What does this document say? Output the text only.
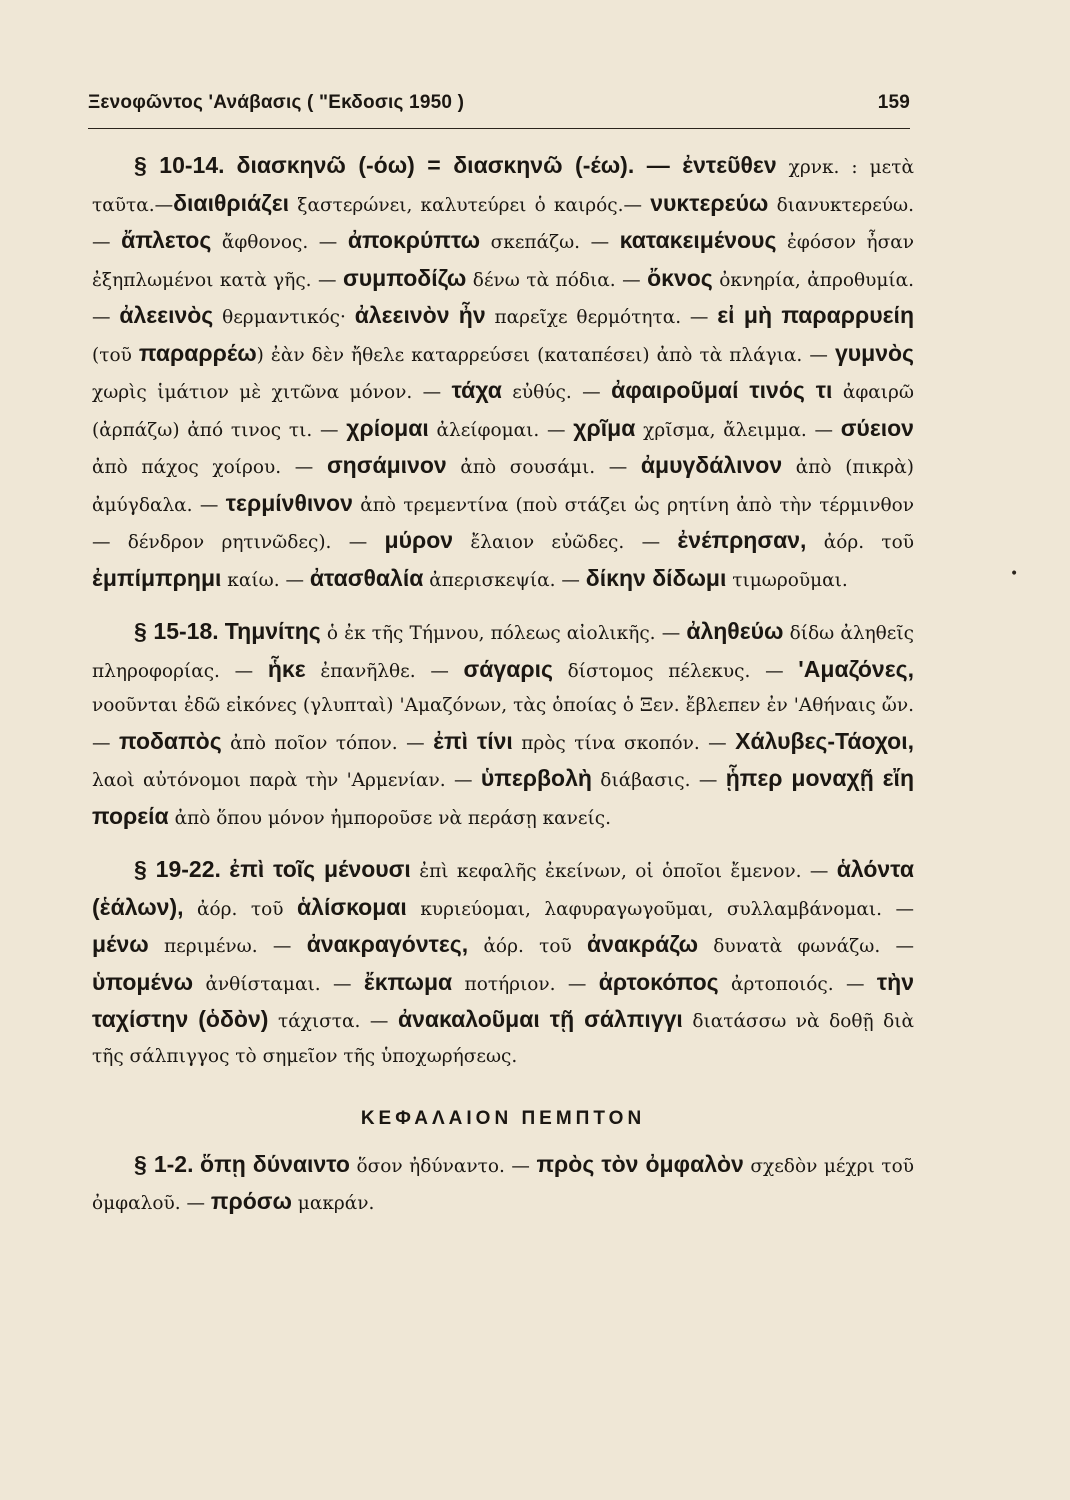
Ξενοφῶντος 'Ανάβασις ( "Εκδοσις 1950 )	159

§ 10-14. διασκηνῶ (-όω) = διασκηνῶ (-έω). — ἐντεῦθεν χρνκ. : μετὰ ταῦτα.—διαιθριάζει ξαστερώνει, καλυτεύρει ὁ καιρός.— νυκτερεύω διανυκτερεύω. — ἄπλετος ἄφθονος. — ἀποκρύπτω σκεπάζω. — κατακειμένους ἐφόσον ἦσαν ἐξηπλωμένοι κατὰ γῆς. — συμποδίζω δένω τὰ πόδια. — ὄκνος ὀκνηρία, ἀπροθυμία. — ἀλεεινὸς θερμαντικός· ἀλεεινὸν ἦν παρεῖχε θερμότητα. — εἰ μὴ παραρρυείη (τοῦ παραρρέω) ἐὰν δὲν ἤθελε καταρρεύσει (καταπέσει) ἀπὸ τὰ πλάγια. — γυμνὸς χωρὶς ἱμάτιον μὲ χιτῶνα μόνον. — τάχα εὐθύς. — ἀφαιροῦμαί τινός τι ἀφαιρῶ (ἀρπάζω) ἀπό τινος τι. — χρίομαι ἀλείφομαι. — χρῖμα χρῖσμα, ἄλειμμα. — σύειον ἀπὸ πάχος χοίρου. — σησάμινον ἀπὸ σουσάμι. — ἀμυγδάλινον ἀπὸ (πικρὰ) ἀμύγδαλα. — τερμίνθινον ἀπὸ τρεμεντίνα (ποὺ στάζει ὡς ρητίνη ἀπὸ τὴν τέρμινθον — δένδρον ρητινῶδες). — μύρον ἔλαιον εὐῶδες. — ἐνέπρησαν, ἀόρ. τοῦ ἐμπίμπρημι καίω. — ἀτασθαλία ἀπερισκεψία. — δίκην δίδωμι τιμωροῦμαι.

§ 15-18. Τημνίτης ὁ ἐκ τῆς Τήμνου, πόλεως αἰολικῆς. — ἀληθεύω δίδω ἀληθεῖς πληροφορίας. — ἧκε ἐπανῆλθε. — σάγαρις δίστομος πέλεκυς. — 'Αμαζόνες, νοοῦνται ἐδῶ εἰκόνες (γλυπταὶ) 'Αμαζόνων, τὰς ὁποίας ὁ Ξεν. ἔβλεπεν ἐν 'Αθήναις ὤν. — ποδαπὸς ἀπὸ ποῖον τόπον. — ἐπὶ τίνι πρὸς τίνα σκοπόν. — Χάλυβες-Τάοχοι, λαοὶ αὐτόνομοι παρὰ τὴν 'Αρμενίαν. — ὑπερβολὴ διάβασις. — ᾗπερ μοναχῇ εἴη πορεία ἀπὸ ὅπου μόνον ἠμποροῦσε νὰ περάσῃ κανείς.

§ 19-22. ἐπὶ τοῖς μένουσι ἐπὶ κεφαλῆς ἐκείνων, οἱ ὁποῖοι ἔμενον. — ἁλόντα (ἑάλων), ἀόρ. τοῦ ἁλίσκομαι κυριεύομαι, λαφυραγωγοῦμαι, συλλαμβάνομαι. — μένω περιμένω. — ἀνακραγόντες, ἀόρ. τοῦ ἀνακράζω δυνατὰ φωνάζω. — ὑπομένω ἀνθίσταμαι. — ἔκπωμα ποτήριον. — ἀρτοκόπος ἀρτοποιός. — τὴν ταχίστην (ὁδὸν) τάχιστα. — ἀνακαλοῦμαι τῇ σάλπιγγι διατάσσω νὰ δοθῇ διὰ τῆς σάλπιγγος τὸ σημεῖον τῆς ὑποχωρήσεως.

ΚΕΦΑΛΑΙΟΝ ΠΕΜΠΤΟΝ

§ 1-2. ὅπῃ δύναιντο ὅσον ἠδύναντο. — πρὸς τὸν ὀμφαλὸν σχεδὸν μέχρι τοῦ ὀμφαλοῦ. — πρόσω μακράν.

•
